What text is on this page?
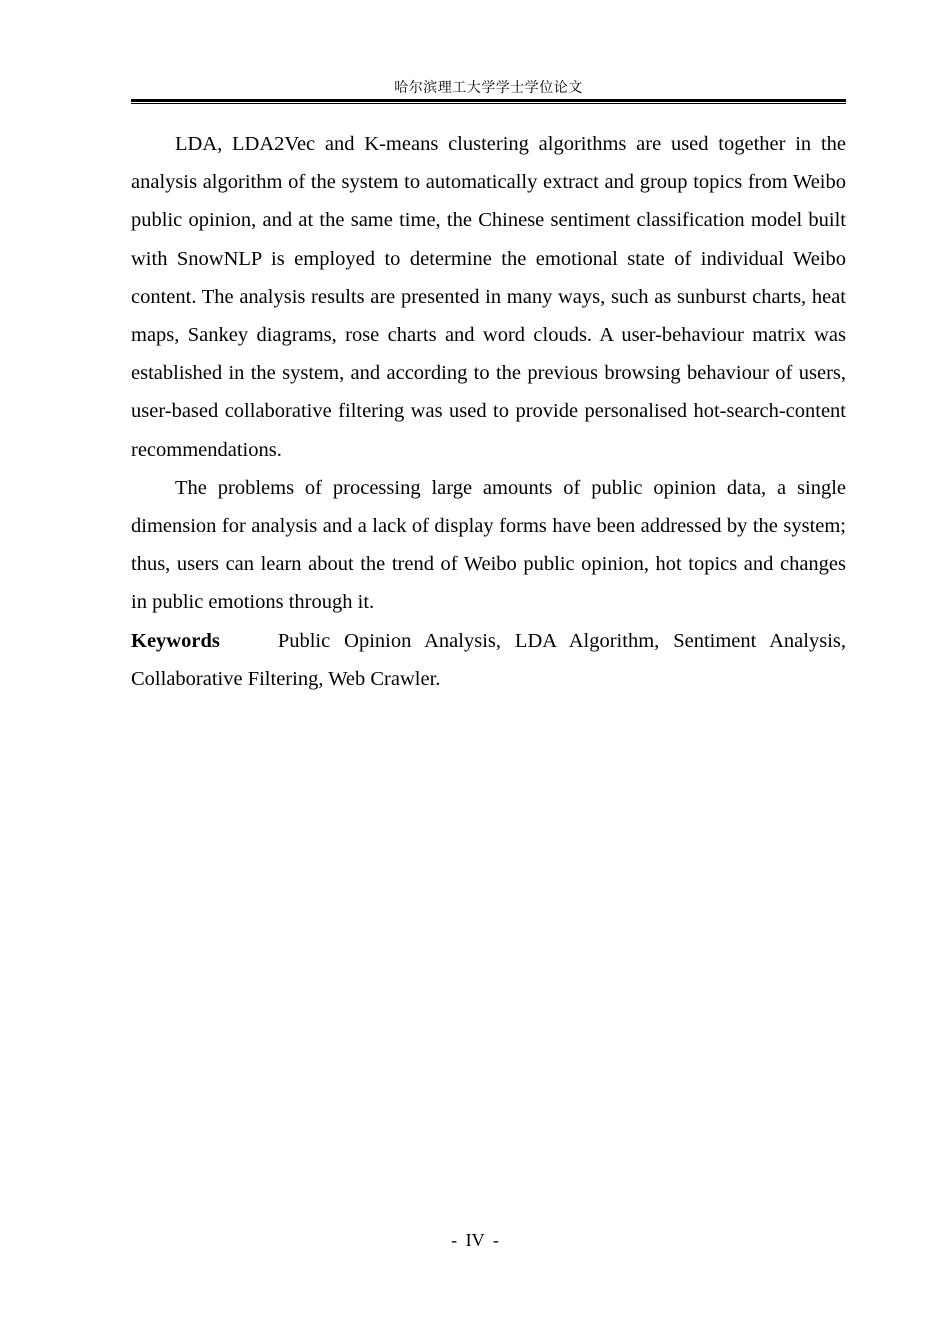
哈尔滨理工大学学士学位论文

LDA, LDA2Vec and K-means clustering algorithms are used together in the analysis algorithm of the system to automatically extract and group topics from Weibo public opinion, and at the same time, the Chinese sentiment classification model built with SnowNLP is employed to determine the emotional state of individual Weibo content. The analysis results are presented in many ways, such as sunburst charts, heat maps, Sankey diagrams, rose charts and word clouds. A user-behaviour matrix was established in the system, and according to the previous browsing behaviour of users, user-based collaborative filtering was used to provide personalised hot-search-content recommendations.

The problems of processing large amounts of public opinion data, a single dimension for analysis and a lack of display forms have been addressed by the system; thus, users can learn about the trend of Weibo public opinion, hot topics and changes in public emotions through it.

Keywords	Public Opinion Analysis, LDA Algorithm, Sentiment Analysis, Collaborative Filtering, Web Crawler.

- IV -
